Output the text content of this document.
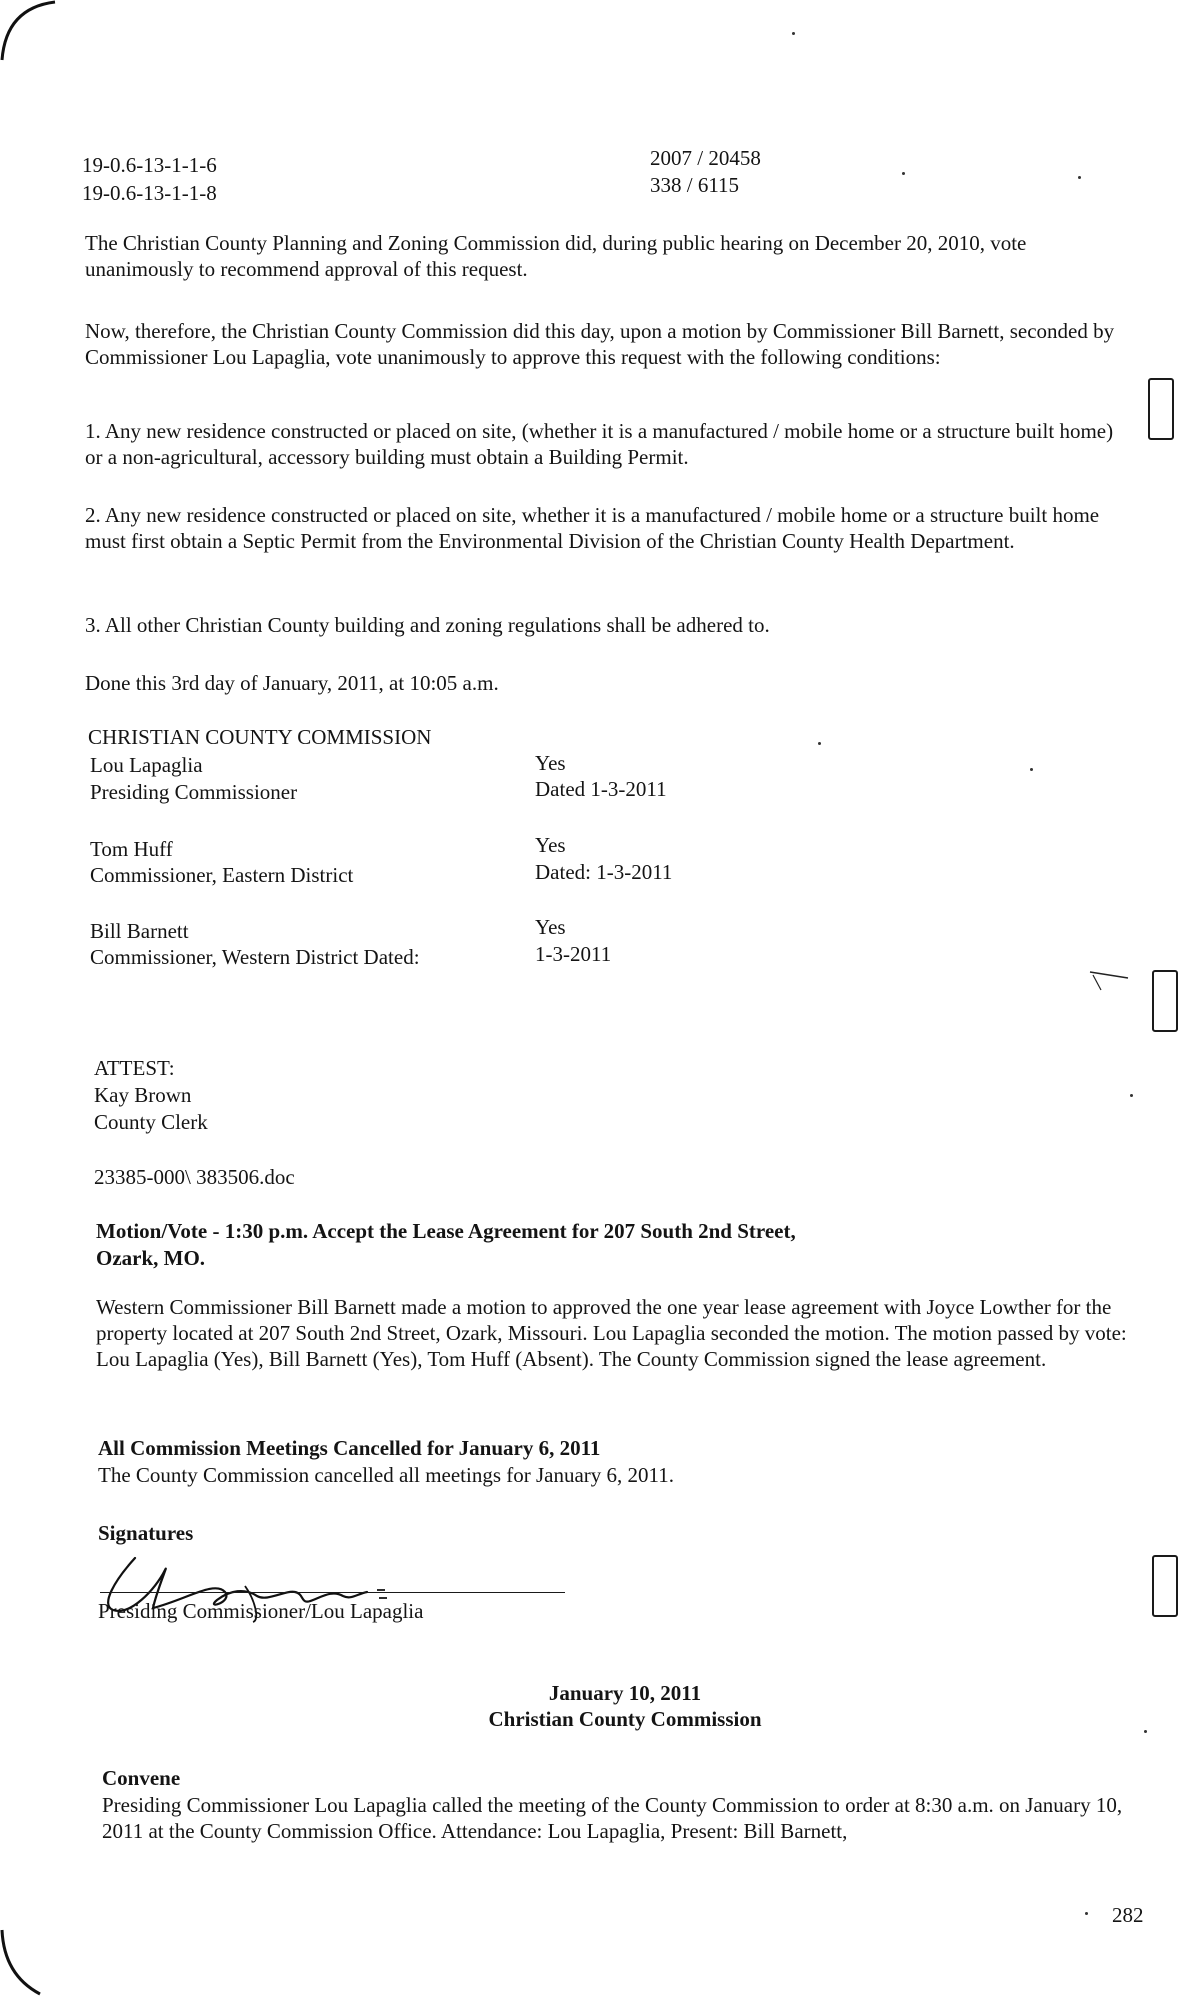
19-0.6-13-1-1-6
19-0.6-13-1-1-8
2007 / 20458
338 / 6115

The Christian County Planning and Zoning Commission did, during public hearing on December 20, 2010, vote unanimously to recommend approval of this request.

Now, therefore, the Christian County Commission did this day, upon a motion by Commissioner Bill Barnett, seconded by Commissioner Lou Lapaglia, vote unanimously to approve this request with the following conditions:

1. Any new residence constructed or placed on site, (whether it is a manufactured / mobile home or a structure built home) or a non-agricultural, accessory building must obtain a Building Permit.

2. Any new residence constructed or placed on site, whether it is a manufactured / mobile home or a structure built home must first obtain a Septic Permit from the Environmental Division of the Christian County Health Department.

3. All other Christian County building and zoning regulations shall be adhered to.

Done this 3rd day of January, 2011, at 10:05 a.m.

CHRISTIAN COUNTY COMMISSION
Lou Lapaglia
Presiding Commissioner
Yes
Dated 1-3-2011
Tom Huff
Commissioner, Eastern District
Yes
Dated: 1-3-2011
Bill Barnett
Commissioner, Western District Dated:
Yes
1-3-2011
ATTEST:
Kay Brown
County Clerk
23385-000\ 383506.doc
Motion/Vote - 1:30 p.m. Accept the Lease Agreement for 207 South 2nd Street,
Ozark, MO.

Western Commissioner Bill Barnett made a motion to approved the one year lease agreement with Joyce Lowther for the property located at 207 South 2nd Street, Ozark, Missouri. Lou Lapaglia seconded the motion. The motion passed by vote: Lou Lapaglia (Yes), Bill Barnett (Yes), Tom Huff (Absent). The County Commission signed the lease agreement.

All Commission Meetings Cancelled for January 6, 2011
The County Commission cancelled all meetings for January 6, 2011.
Signatures
Presiding Commissioner/Lou Lapaglia
January 10, 2011
Christian County Commission
Convene

Presiding Commissioner Lou Lapaglia called the meeting of the County Commission to order at 8:30 a.m. on January 10, 2011 at the County Commission Office. Attendance: Lou Lapaglia, Present: Bill Barnett,

282
